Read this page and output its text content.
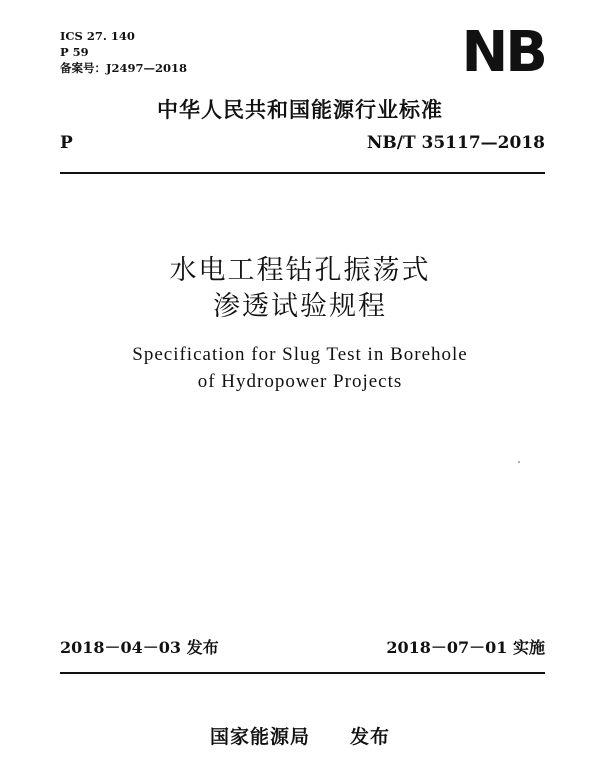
ICS 27. 140
P 59
备案号：J2497—2018	NB
中华人民共和国能源行业标准
P	NB/T 35117—2018
水电工程钻孔振荡式
渗透试验规程
Specification for Slug Test in Borehole
of Hydropower Projects
2018－04－03 发布	2018－07－01 实施
国家能源局　　发布
